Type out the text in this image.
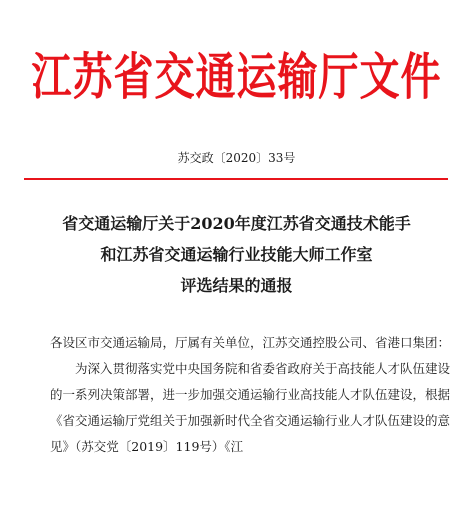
江苏省交通运输厅文件
苏交政〔2020〕33号
省交通运输厅关于2020年度江苏省交通技术能手
和江苏省交通运输行业技能大师工作室
评选结果的通报

各设区市交通运输局，厅属有关单位，江苏交通控股公司、省港口集团：

为深入贯彻落实党中央国务院和省委省政府关于高技能人才队伍建设的一系列决策部署，进一步加强交通运输行业高技能人才队伍建设，根据《省交通运输厅党组关于加强新时代全省交通运输行业人才队伍建设的意见》（苏交党〔2019〕119号）《江
